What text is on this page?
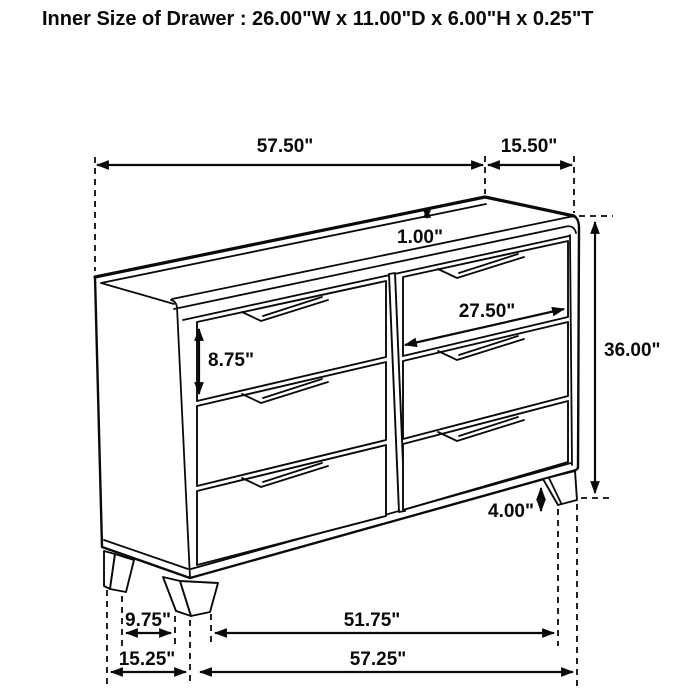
Inner Size of Drawer : 26.00"W x 11.00"D x 6.00"H x 0.25"T
57.50"	15.50"
1.00"
8.75"
27.50"
36.00"
4.00"
9.75"	51.75"
15.25"	57.25"
